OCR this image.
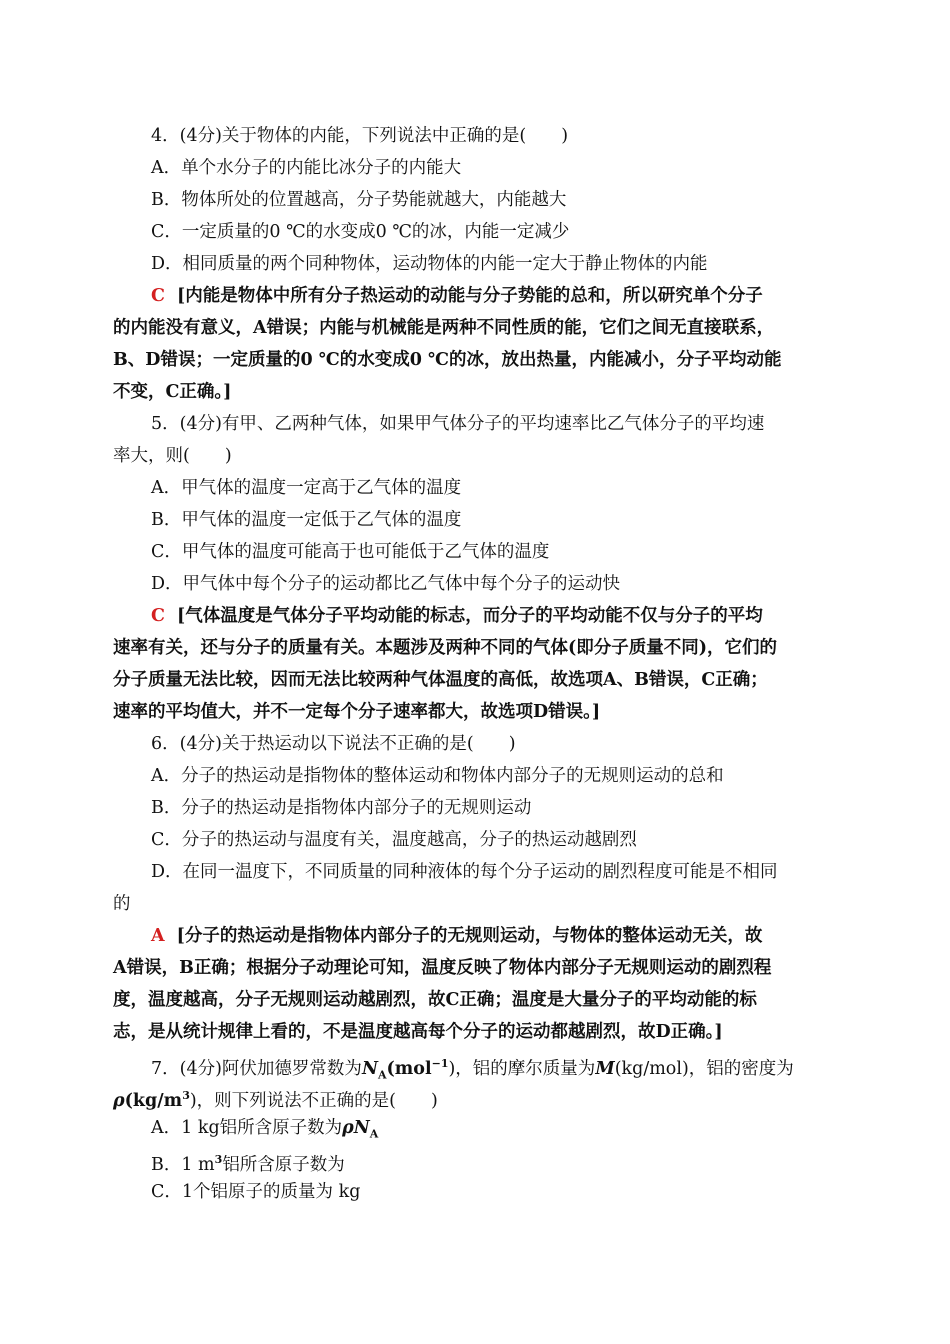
4．(4分)关于物体的内能，下列说法中正确的是(　　)
A．单个水分子的内能比冰分子的内能大
B．物体所处的位置越高，分子势能就越大，内能越大
C．一定质量的0 ℃的水变成0 ℃的冰，内能一定减少
D．相同质量的两个同种物体，运动物体的内能一定大于静止物体的内能
C [内能是物体中所有分子热运动的动能与分子势能的总和，所以研究单个分子
的内能没有意义，A错误；内能与机械能是两种不同性质的能，它们之间无直接联系，
B、D错误；一定质量的0 ℃的水变成0 ℃的冰，放出热量，内能减小，分子平均动能
不变，C正确。]
5．(4分)有甲、乙两种气体，如果甲气体分子的平均速率比乙气体分子的平均速
率大，则(　　)
A．甲气体的温度一定高于乙气体的温度
B．甲气体的温度一定低于乙气体的温度
C．甲气体的温度可能高于也可能低于乙气体的温度
D．甲气体中每个分子的运动都比乙气体中每个分子的运动快
C [气体温度是气体分子平均动能的标志，而分子的平均动能不仅与分子的平均
速率有关，还与分子的质量有关。本题涉及两种不同的气体(即分子质量不同)，它们的
分子质量无法比较，因而无法比较两种气体温度的高低，故选项A、B错误，C正确；
速率的平均值大，并不一定每个分子速率都大，故选项D错误。]
6．(4分)关于热运动以下说法不正确的是(　　)
A．分子的热运动是指物体的整体运动和物体内部分子的无规则运动的总和
B．分子的热运动是指物体内部分子的无规则运动
C．分子的热运动与温度有关，温度越高，分子的热运动越剧烈
D．在同一温度下，不同质量的同种液体的每个分子运动的剧烈程度可能是不相同
的
A [分子的热运动是指物体内部分子的无规则运动，与物体的整体运动无关，故
A错误，B正确；根据分子动理论可知，温度反映了物体内部分子无规则运动的剧烈程
度，温度越高，分子无规则运动越剧烈，故C正确；温度是大量分子的平均动能的标
志，是从统计规律上看的，不是温度越高每个分子的运动都越剧烈，故D正确。]
7．(4分)阿伏加德罗常数为$N_A(mol^{-1})$，铝的摩尔质量为M(kg/mol)，铝的密度为
$\rho(kg/m^3)$，则下列说法不正确的是(　　)
A．1 kg铝所含原子数为$\rho N_A$
B．1 $m^3$铝所含原子数为
C．1个铝原子的质量为 kg
